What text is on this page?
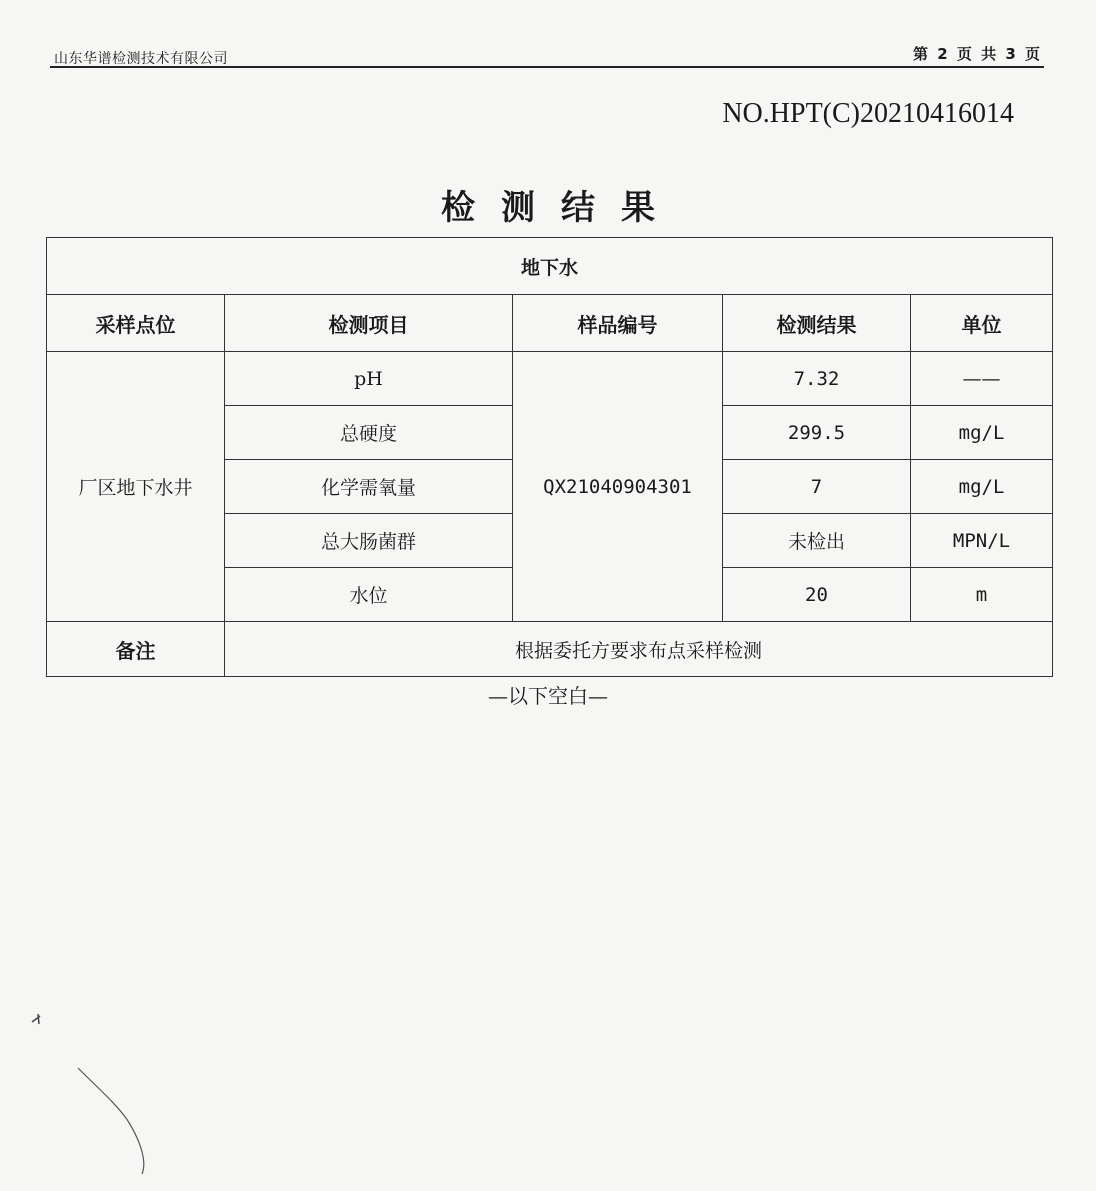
山东华谱检测技术有限公司	第 2 页 共 3 页
NO.HPT(C)20210416014
检测结果
地下水				
采样点位	检测项目	样品编号	检测结果	单位
厂区地下水井	pH	QX21040904301	7.32	——
	总硬度		299.5	mg/L
	化学需氧量		7	mg/L
	总大肠菌群		未检出	MPN/L
	水位		20	m
备注	根据委托方要求布点采样检测			
—以下空白—
